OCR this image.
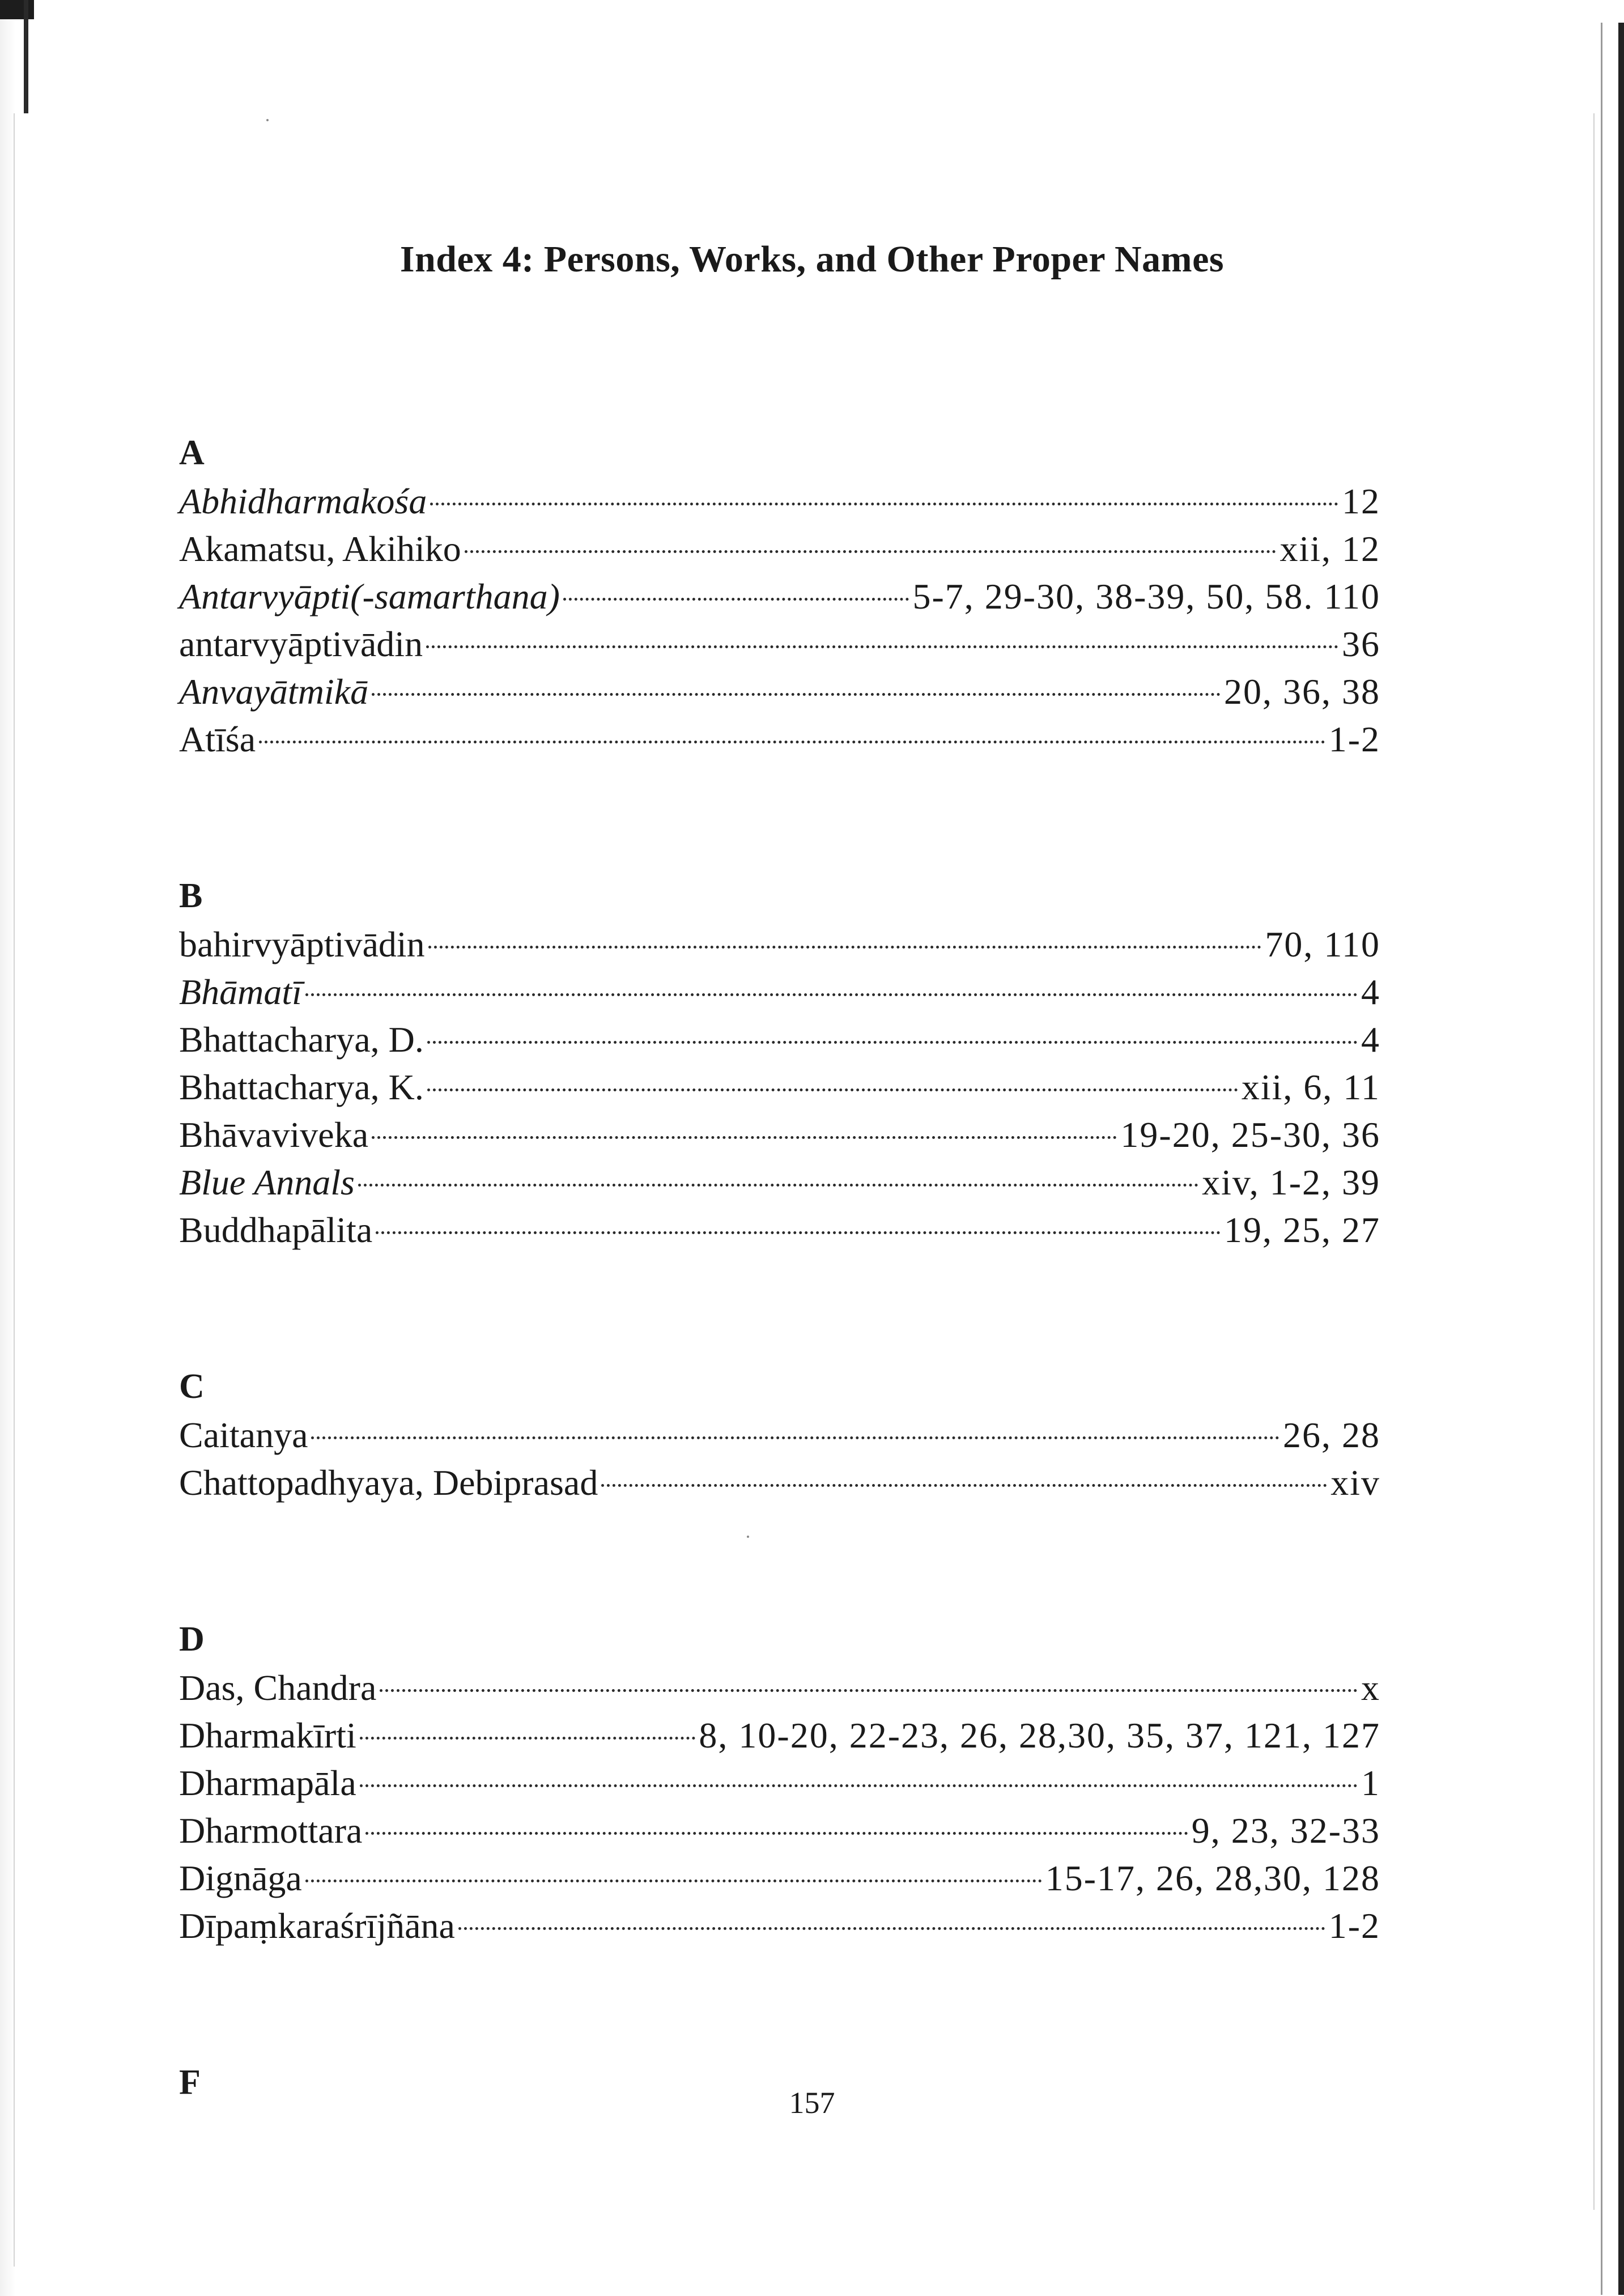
Index 4: Persons, Works, and Other Proper Names
A
Abhidharmakośa	12
Akamatsu, Akihiko	xii, 12
Antarvyāpti(-samarthana)	5-7, 29-30, 38-39, 50, 58. 110
antarvyāptivādin	36
Anvayātmikā	20, 36, 38
Atīśa	1-2
B
bahirvyāptivādin	70, 110
Bhāmatī	4
Bhattacharya, D.	4
Bhattacharya, K.	xii, 6, 11
Bhāvaviveka	19-20, 25-30, 36
Blue Annals	xiv, 1-2, 39
Buddhapālita	19, 25, 27
C
Caitanya	26, 28
Chattopadhyaya, Debiprasad	xiv
D
Das, Chandra	x
Dharmakīrti	8, 10-20, 22-23, 26, 28,30, 35, 37, 121, 127
Dharmapāla	1
Dharmottara	9, 23, 32-33
Dignāga	15-17, 26, 28,30, 128
Dīpaṃkaraśrījñāna	1-2
F
157
